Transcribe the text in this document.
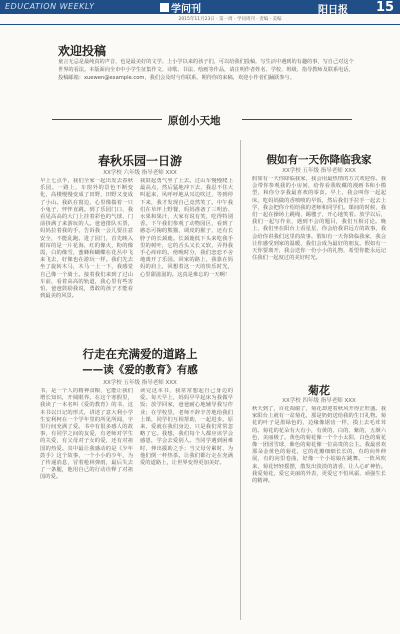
EDUCATION WEEKLY	学问刊	阳日报 15
2015年11月23日 · 第一周 · 学问周刊 · 责编 · 美编
欢迎投稿
童言无忌是最纯真的声音，也是最美好的文学。上小学以来的孩子们，可以给我们投稿，写生活中遇到的有趣的事，写自己对这个世界的看法。本版面向全市中小学生征集作文、诗歌、书法、绘画等作品，请注明作者姓名、学校、班级、指导教师及联系电话。投稿邮箱：xuewen@example.com，我们会及时与你联系。期待你的来稿，欢迎小作者们踊跃参与。
原创小天地
春秋乐园一日游
XX学校 六年级 指导老师 XXX
早上七点半，我们全家一起出发去春秋乐园。一路上，车窗外的景色不断变化，高楼慢慢变成了田野，田野又变成了小山。我趴在窗边，心里像揣着一只小兔子，怦怦直跳。到了乐园门口，我看见高高的大门上挂着彩色的气球，门前挤满了来游玩的人。爸爸排队买票，妈妈拉着我的手，告诉我一会儿要注意安全，不能乱跑。进了园门，首先映入眼帘的是一片花海，红的像火，粉的像霞，白的像雪，蜜蜂和蝴蝶在花丛中飞来飞去，好像也在游玩一样。我们先去坐了旋转木马，木马一上一下，我感觉自己像一个骑士。接着我们来到了过山车前，看着高高的轨道，我心里有些害怕，爸爸鼓励我说，勇敢的孩子才能看到最美的风景。
我鼓起勇气坐了上去。过山车慢慢爬上最高点，然后猛地冲下去，我忍不住大叫起来，风呼呼地从耳边吹过，等到停下来，我才发现自己竟然笑了。中午我们在草坪上野餐，妈妈准备了三明治、水果和果汁，大家有说有笑，吃得特别香。下午我们参观了动物园区，看到了憨态可掬的熊猫，调皮的猴子，还有长脖子的长颈鹿。长颈鹿低下头来吃我手里的树叶，它的舌头又长又软，弄得我手心痒痒的。傍晚时分，我们恋恋不舍地离开了乐园。回家的路上，我靠在妈妈的肩上，回想着这一天的快乐时光，心里甜滋滋的。这真是难忘的一天啊！
行走在充满爱的道路上
——读《爱的教育》有感
XX学校 五年级 指导老师 XXX
书，是一个人的精神食粮，它能让我们增长知识，开阔眼界。在这个寒假里，我读了一本名叫《爱的教育》的书，这本书以日记的形式，讲述了意大利小学生安利柯在一个学年里的所见所闻，字里行间充满了爱。书中有很多感人的故事，有同学之间的友爱，有老师对学生的关爱，有父母对子女的爱，还有对祖国的热爱。其中最让我感动的是《少年鼓手》这个故事，一个小小的少年，为了传递消息，冒着枪林弹雨，最后失去了一条腿，他用自己的行动诠释了对祖国的爱。
读完这本书，我常常想起自己身边的爱。每天早上，妈妈早早起床为我做早饭；放学回家，爸爸耐心地辅导我写作业；在学校里，老师不辞辛苦地给我们上课，同学们互相帮助，一起进步。原来，爱就在我们身边，只是我们常常忽略了它。我想，我们每个人都应该学会感恩，学会去爱别人。当同学遇到困难时，伸出援助之手；当父母劳累时，为他们倒一杯热茶。让我们都行走在充满爱的道路上，让世界变得更加美好。
假如有一天你降临我家
XX学校 五年级 指导老师 XXX
假如有一天你降临我家，我会用最热情的方式欢迎你。我会带你参观我的小房间，给你看我收藏的漫画书和小模型，和你分享我最喜欢的零食。早上，我会叫你一起起床，吃妈妈做的香喷喷的早饭，然后我们手拉手一起去上学，我会把你介绍给我的老师和同学们。课间的时候，我们一起在操场上跳绳、踢毽子，开心地笑着。放学以后，我们一起写作业，遇到不会的题目，我们互相讨论。晚上，我们坐在阳台上看星星，你会给我讲远方的故事，我会给你讲我们这里的故事。假如有一天你降临我家，我会让你感受到家的温暖，我们会成为最好的朋友。假如有一天你要离开，我会送你一份小小的礼物，希望你能永远记住我们一起度过的美好时光。
菊花
XX学校 四年级 指导老师 XXX
秋天到了，百花凋谢了，菊花却迎着秋风开得正旺盛。我家阳台上就有一盆菊花，那是奶奶送给我的生日礼物。菊花的叶子是墨绿色的，边缘像锯齿一样，摸上去毛茸茸的。菊花的花朵有大有小，有黄的、白的、紫的，五颜六色，美丽极了。黄色的菊花像一个个小太阳，白色的菊花像一团团雪球，紫色的菊花像一位高贵的公主。我最喜欢那朵金黄色的菊花，它的花瓣细细长长的，有的向外伸展，有的向里卷曲，好像一个小姑娘在跳舞。一阵风吹来，菊花轻轻摇摆，散发出淡淡的清香，让人心旷神怡。我爱菊花，爱它美丽的外表，更爱它不怕风霜、顽强生长的精神。
